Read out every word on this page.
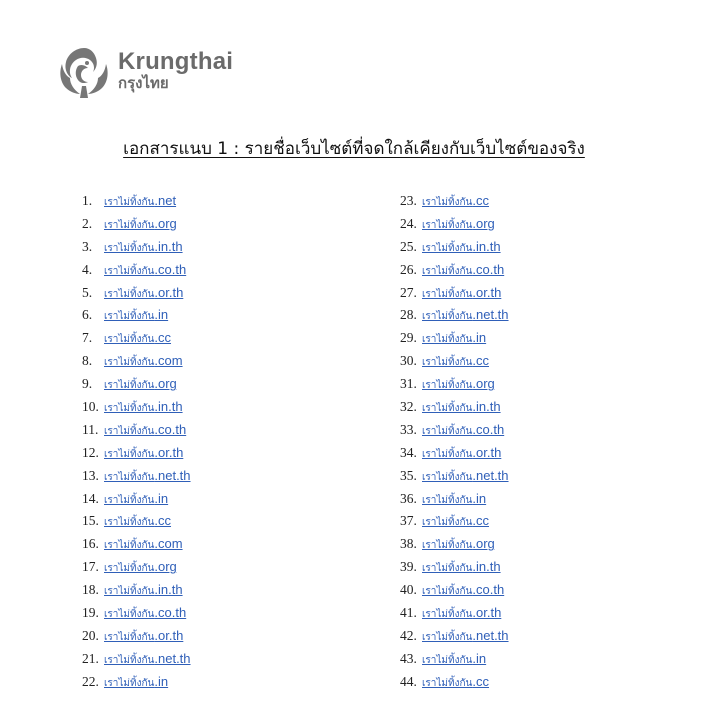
Krungthai
กรุงไทย
เอกสารแนบ 1 : รายชื่อเว็บไซต์ที่จดใกล้เคียงกับเว็บไซต์ของจริง
1.	เราไม่ทิ้งกัน.net
2.	เราไม่ทิ้งกัน.org
3.	เราไม่ทิ้งกัน.in.th
4.	เราไม่ทิ้งกัน.co.th
5.	เราไม่ทิ้งกัน.or.th
6.	เราไม่ทิ้งกัน.in
7.	เราไม่ทิ้งกัน.cc
8.	เราไม่ทิ้งกัน.com
9.	เราไม่ทิ้งกัน.org
10. เราไม่ทิ้งกัน.in.th
11. เราไม่ทิ้งกัน.co.th
12. เราไม่ทิ้งกัน.or.th
13. เราไม่ทิ้งกัน.net.th
14. เราไม่ทิ้งกัน.in
15. เราไม่ทิ้งกัน.cc
16. เราไม่ทิ้งกัน.com
17. เราไม่ทิ้งกัน.org
18. เราไม่ทิ้งกัน.in.th
19. เราไม่ทิ้งกัน.co.th
20. เราไม่ทิ้งกัน.or.th
21. เราไม่ทิ้งกัน.net.th
22. เราไม่ทิ้งกัน.in
23. เราไม่ทิ้งกัน.cc
24. เราไม่ทิ้งกัน.org
25. เราไม่ทิ้งกัน.in.th
26. เราไม่ทิ้งกัน.co.th
27. เราไม่ทิ้งกัน.or.th
28. เราไม่ทิ้งกัน.net.th
29. เราไม่ทิ้งกัน.in
30. เราไม่ทิ้งกัน.cc
31. เราไม่ทิ้งกัน.org
32. เราไม่ทิ้งกัน.in.th
33. เราไม่ทิ้งกัน.co.th
34. เราไม่ทิ้งกัน.or.th
35. เราไม่ทิ้งกัน.net.th
36. เราไม่ทิ้งกัน.in
37. เราไม่ทิ้งกัน.cc
38. เราไม่ทิ้งกัน.org
39. เราไม่ทิ้งกัน.in.th
40. เราไม่ทิ้งกัน.co.th
41. เราไม่ทิ้งกัน.or.th
42. เราไม่ทิ้งกัน.net.th
43. เราไม่ทิ้งกัน.in
44. เราไม่ทิ้งกัน.cc
